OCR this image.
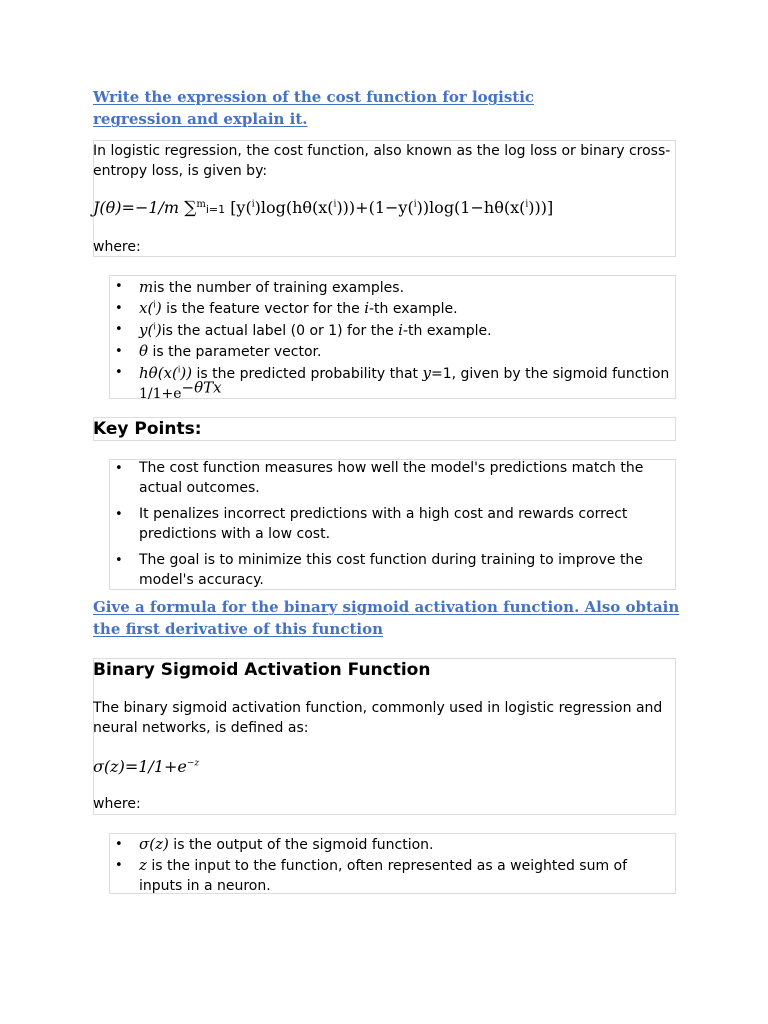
Write the expression of the cost function for logistic
regression and explain it.
In logistic regression, the cost function, also known as the log loss or binary cross-entropy loss, is given by:
J(θ)=−1/m ∑$^m$i=1 [y($^i$)log(hθ(x($^i$)))+(1−y($^i$))log(1−hθ(x($^i$)))]
where:
• mis the number of training examples.
• x($^i$) is the feature vector for the i-th example.
• y($^i$)is the actual label (0 or 1) for the i-th example.
• θ is the parameter vector.
• hθ(x($^i$)) is the predicted probability that y=1, given by the sigmoid function
$1/1+e^{-\theta Tx}$
Key Points:
• The cost function measures how well the model's predictions match the actual outcomes.
• It penalizes incorrect predictions with a high cost and rewards correct predictions with a low cost.
• The goal is to minimize this cost function during training to improve the model's accuracy.
Give a formula for the binary sigmoid activation function. Also obtain
the first derivative of this function
Binary Sigmoid Activation Function
The binary sigmoid activation function, commonly used in logistic regression and neural networks, is defined as:
$\sigma(z)=1/1+e^{-z}$
where:
• σ(z) is the output of the sigmoid function.
• z is the input to the function, often represented as a weighted sum of inputs in a neuron.
